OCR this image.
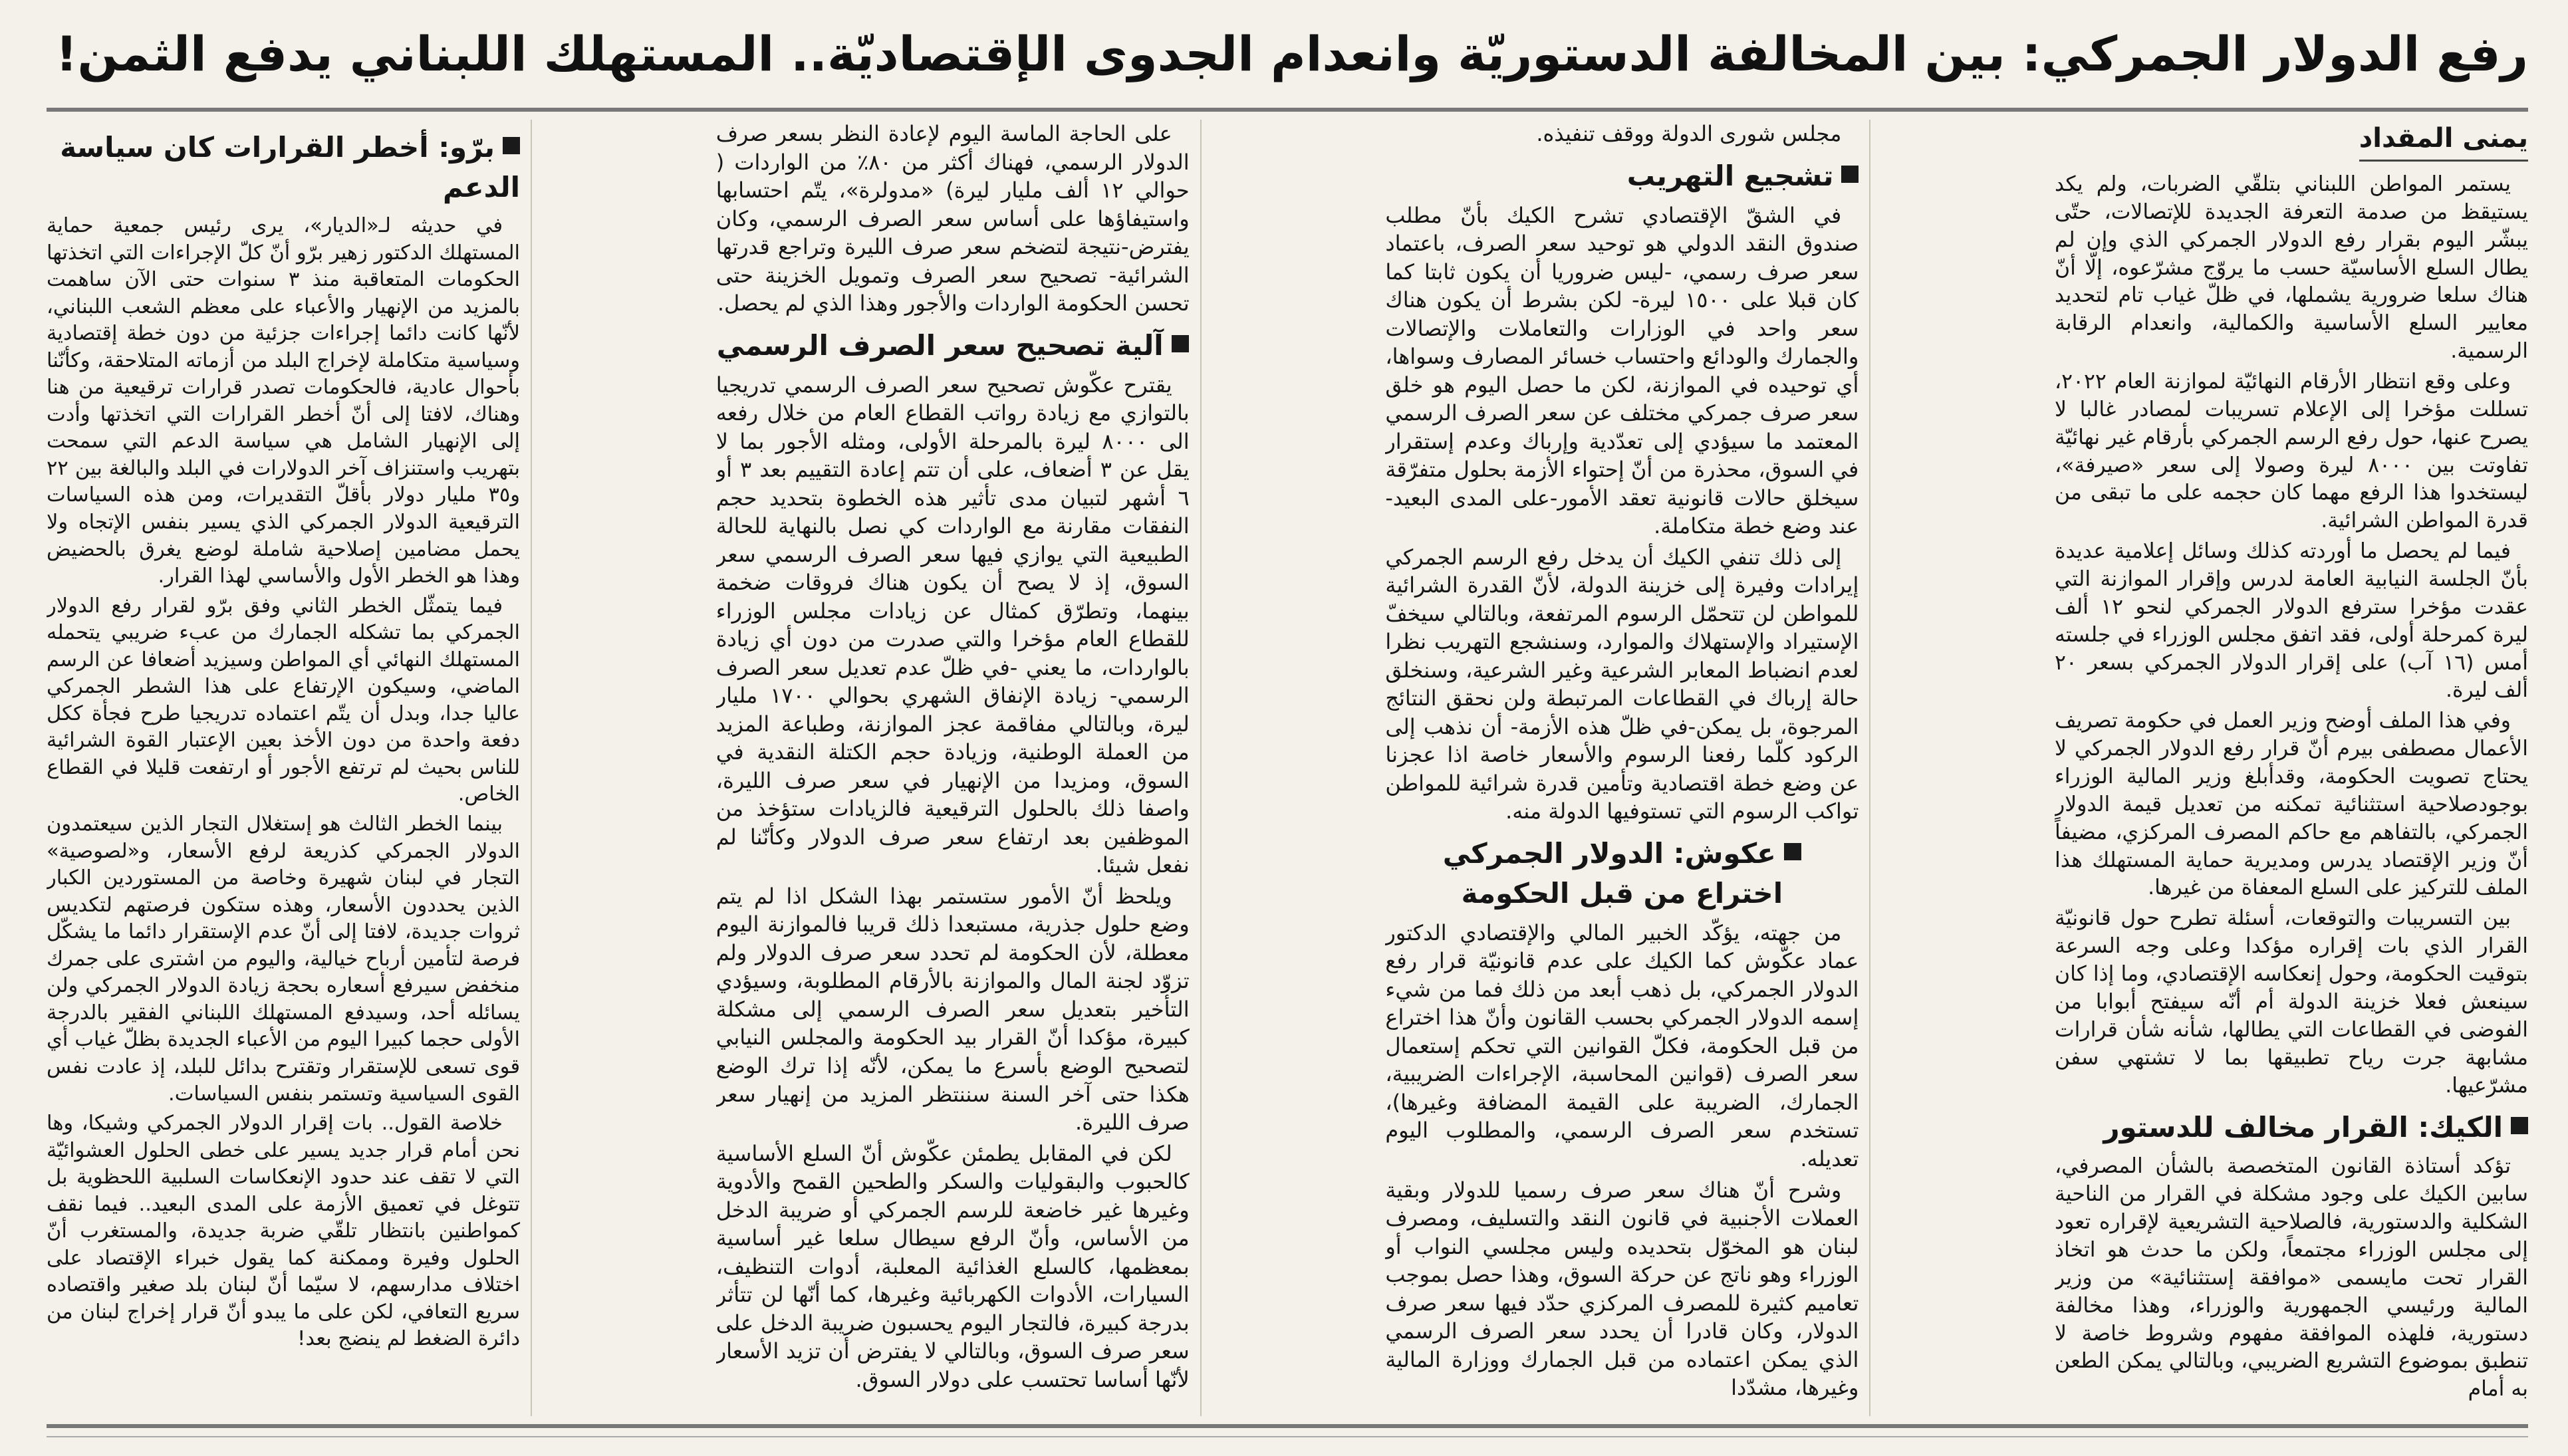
رفع الدولار الجمركي: بين المخالفة الدستوريّة وانعدام الجدوى الإقتصاديّة.. المستهلك اللبناني يدفع الثمن!
يمنى المقداد

يستمر المواطن اللبناني بتلقّي الضربات، ولم يكد يستيقظ من صدمة التعرفة الجديدة للإتصالات، حتّى يبشّر اليوم بقرار رفع الدولار الجمركي الذي وإن لم يطال السلع الأساسيّة حسب ما يروّج مشرّعوه، إلّا أنّ هناك سلعا ضرورية يشملها، في ظلّ غياب تام لتحديد معايير السلع الأساسية والكمالية، وانعدام الرقابة الرسمية.

وعلى وقع انتظار الأرقام النهائيّة لموازنة العام ٢٠٢٢، تسللت مؤخرا إلى الإعلام تسريبات لمصادر غالبا لا يصرح عنها، حول رفع الرسم الجمركي بأرقام غير نهائيّة تفاوتت بين ٨٠٠٠ ليرة وصولا إلى سعر «صيرفة»، ليستخدوا هذا الرفع مهما كان حجمه على ما تبقى من قدرة المواطن الشرائية.

فيما لم يحصل ما أوردته كذلك وسائل إعلامية عديدة بأنّ الجلسة النيابية العامة لدرس وإقرار الموازنة التي عقدت مؤخرا سترفع الدولار الجمركي لنحو ١٢ ألف ليرة كمرحلة أولى، فقد اتفق مجلس الوزراء في جلسته أمس (١٦ آب) على إقرار الدولار الجمركي بسعر ٢٠ ألف ليرة.

وفي هذا الملف أوضح وزير العمل في حكومة تصريف الأعمال مصطفى بيرم أنّ قرار رفع الدولار الجمركي لا يحتاج تصويت الحكومة، وقدأبلغ وزير المالية الوزراء بوجودصلاحية استثنائية تمكنه من تعديل قيمة الدولار الجمركي، بالتفاهم مع حاكم المصرف المركزي، مضيفاً أنّ وزير الإقتصاد يدرس ومديرية حماية المستهلك هذا الملف للتركيز على السلع المعفاة من غيرها.

بين التسريبات والتوقعات، أسئلة تطرح حول قانونيّة القرار الذي بات إقراره مؤكدا وعلى وجه السرعة بتوقيت الحكومة، وحول إنعكاسه الإقتصادي، وما إذا كان سينعش فعلا خزينة الدولة أم أنّه سيفتح أبوابا من الفوضى في القطاعات التي يطالها، شأنه شأن قرارات مشابهة جرت رياح تطبيقها بما لا تشتهي سفن مشرّعيها.

الكيك: القرار مخالف للدستور

تؤكد أستاذة القانون المتخصصة بالشأن المصرفي، سابين الكيك على وجود مشكلة في القرار من الناحية الشكلية والدستورية، فالصلاحية التشريعية لإقراره تعود إلى مجلس الوزراء مجتمعاً، ولكن ما حدث هو اتخاذ القرار تحت مايسمى «موافقة إستثنائية» من وزير المالية ورئيسي الجمهورية والوزراء، وهذا مخالفة دستورية، فلهذه الموافقة مفهوم وشروط خاصة لا تنطبق بموضوع التشريع الضريبي، وبالتالي يمكن الطعن به أمام

مجلس شورى الدولة ووقف تنفيذه.

تشجيع التهريب

في الشقّ الإقتصادي تشرح الكيك بأنّ مطلب صندوق النقد الدولي هو توحيد سعر الصرف، باعتماد سعر صرف رسمي، -ليس ضروريا أن يكون ثابتا كما كان قبلا على ١٥٠٠ ليرة- لكن بشرط أن يكون هناك سعر واحد في الوزارات والتعاملات والإتصالات والجمارك والودائع واحتساب خسائر المصارف وسواها، أي توحيده في الموازنة، لكن ما حصل اليوم هو خلق سعر صرف جمركي مختلف عن سعر الصرف الرسمي المعتمد ما سيؤدي إلى تعدّدية وإرباك وعدم إستقرار في السوق، محذرة من أنّ إحتواء الأزمة بحلول متفرّقة سيخلق حالات قانونية تعقد الأمور-على المدى البعيد- عند وضع خطة متكاملة.

إلى ذلك تنفي الكيك أن يدخل رفع الرسم الجمركي إيرادات وفيرة إلى خزينة الدولة، لأنّ القدرة الشرائية للمواطن لن تتحمّل الرسوم المرتفعة، وبالتالي سيخفّ الإستيراد والإستهلاك والموارد، وسنشجع التهريب نظرا لعدم انضباط المعابر الشرعية وغير الشرعية، وسنخلق حالة إرباك في القطاعات المرتبطة ولن نحقق النتائج المرجوة، بل يمكن-في ظلّ هذه الأزمة- أن نذهب إلى الركود كلّما رفعنا الرسوم والأسعار خاصة اذا عجزنا عن وضع خطة اقتصادية وتأمين قدرة شرائية للمواطن تواكب الرسوم التي تستوفيها الدولة منه.

عكوش: الدولار الجمركي
اختراع من قبل الحكومة

من جهته، يؤكّد الخبير المالي والإقتصادي الدكتور عماد عكّوش كما الكيك على عدم قانونيّة قرار رفع الدولار الجمركي، بل ذهب أبعد من ذلك فما من شيء إسمه الدولار الجمركي بحسب القانون وأنّ هذا اختراع من قبل الحكومة، فكلّ القوانين التي تحكم إستعمال سعر الصرف (قوانين المحاسبة، الإجراءات الضريبية، الجمارك، الضريبة على القيمة المضافة وغيرها)، تستخدم سعر الصرف الرسمي، والمطلوب اليوم تعديله.

وشرح أنّ هناك سعر صرف رسميا للدولار وبقية العملات الأجنبية في قانون النقد والتسليف، ومصرف لبنان هو المخوّل بتحديده وليس مجلسي النواب أو الوزراء وهو ناتج عن حركة السوق، وهذا حصل بموجب تعاميم كثيرة للمصرف المركزي حدّد فيها سعر صرف الدولار، وكان قادرا أن يحدد سعر الصرف الرسمي الذي يمكن اعتماده من قبل الجمارك ووزارة المالية وغيرها، مشدّدا

على الحاجة الماسة اليوم لإعادة النظر بسعر صرف الدولار الرسمي، فهناك أكثر من ٨٠٪ من الواردات ( حوالي ١٢ ألف مليار ليرة) «مدولرة»، يتّم احتسابها واستيفاؤها على أساس سعر الصرف الرسمي، وكان يفترض-نتيجة لتضخم سعر صرف الليرة وتراجع قدرتها الشرائية- تصحيح سعر الصرف وتمويل الخزينة حتى تحسن الحكومة الواردات والأجور وهذا الذي لم يحصل.

آلية تصحيح سعر الصرف الرسمي

يقترح عكّوش تصحيح سعر الصرف الرسمي تدريجيا بالتوازي مع زيادة رواتب القطاع العام من خلال رفعه الى ٨٠٠٠ ليرة بالمرحلة الأولى، ومثله الأجور بما لا يقل عن ٣ أضعاف، على أن تتم إعادة التقييم بعد ٣ أو ٦ أشهر لتبيان مدى تأثير هذه الخطوة بتحديد حجم النفقات مقارنة مع الواردات كي نصل بالنهاية للحالة الطبيعية التي يوازي فيها سعر الصرف الرسمي سعر السوق، إذ لا يصح أن يكون هناك فروقات ضخمة بينهما، وتطرّق كمثال عن زيادات مجلس الوزراء للقطاع العام مؤخرا والتي صدرت من دون أي زيادة بالواردات، ما يعني -في ظلّ عدم تعديل سعر الصرف الرسمي- زيادة الإنفاق الشهري بحوالي ١٧٠٠ مليار ليرة، وبالتالي مفاقمة عجز الموازنة، وطباعة المزيد من العملة الوطنية، وزيادة حجم الكتلة النقدية في السوق، ومزيدا من الإنهيار في سعر صرف الليرة، واصفا ذلك بالحلول الترقيعية فالزيادات ستؤخذ من الموظفين بعد ارتفاع سعر صرف الدولار وكأنّنا لم نفعل شيئا.

ويلحظ أنّ الأمور ستستمر بهذا الشكل اذا لم يتم وضع حلول جذرية، مستبعدا ذلك قريبا فالموازنة اليوم معطلة، لأن الحكومة لم تحدد سعر صرف الدولار ولم تزوّد لجنة المال والموازنة بالأرقام المطلوبة، وسيؤدي التأخير بتعديل سعر الصرف الرسمي إلى مشكلة كبيرة، مؤكدا أنّ القرار بيد الحكومة والمجلس النيابي لتصحيح الوضع بأسرع ما يمكن، لأنّه إذا ترك الوضع هكذا حتى آخر السنة سننتظر المزيد من إنهيار سعر صرف الليرة.

لكن في المقابل يطمئن عكّوش أنّ السلع الأساسية كالحبوب والبقوليات والسكر والطحين القمح والأدوية وغيرها غير خاضعة للرسم الجمركي أو ضريبة الدخل من الأساس، وأنّ الرفع سيطال سلعا غير أساسية بمعظمها، كالسلع الغذائية المعلبة، أدوات التنظيف، السيارات، الأدوات الكهربائية وغيرها، كما أنّها لن تتأثر بدرجة كبيرة، فالتجار اليوم يحسبون ضريبة الدخل على سعر صرف السوق، وبالتالي لا يفترض أن تزيد الأسعار لأنّها أساسا تحتسب على دولار السوق.

برّو: أخطر القرارات كان سياسة الدعم

في حديثه لـ«الديار»، يرى رئيس جمعية حماية المستهلك الدكتور زهير برّو أنّ كلّ الإجراءات التي اتخذتها الحكومات المتعاقبة منذ ٣ سنوات حتى الآن ساهمت بالمزيد من الإنهيار والأعباء على معظم الشعب اللبناني، لأنّها كانت دائما إجراءات جزئية من دون خطة إقتصادية وسياسية متكاملة لإخراج البلد من أزماته المتلاحقة، وكأنّنا بأحوال عادية، فالحكومات تصدر قرارات ترقيعية من هنا وهناك، لافتا إلى أنّ أخطر القرارات التي اتخذتها وأدت إلى الإنهيار الشامل هي سياسة الدعم التي سمحت بتهريب واستنزاف آخر الدولارات في البلد والبالغة بين ٢٢ و٣٥ مليار دولار بأقلّ التقديرات، ومن هذه السياسات الترقيعية الدولار الجمركي الذي يسير بنفس الإتجاه ولا يحمل مضامين إصلاحية شاملة لوضع يغرق بالحضيض وهذا هو الخطر الأول والأساسي لهذا القرار.

فيما يتمثّل الخطر الثاني وفق برّو لقرار رفع الدولار الجمركي بما تشكله الجمارك من عبء ضريبي يتحمله المستهلك النهائي أي المواطن وسيزيد أضعافا عن الرسم الماضي، وسيكون الإرتفاع على هذا الشطر الجمركي عاليا جدا، وبدل أن يتّم اعتماده تدريجيا طرح فجأة ككل دفعة واحدة من دون الأخذ بعين الإعتبار القوة الشرائية للناس بحيث لم ترتفع الأجور أو ارتفعت قليلا في القطاع الخاص.

بينما الخطر الثالث هو إستغلال التجار الذين سيعتمدون الدولار الجمركي كذريعة لرفع الأسعار، و«لصوصية» التجار في لبنان شهيرة وخاصة من المستوردين الكبار الذين يحددون الأسعار، وهذه ستكون فرصتهم لتكديس ثروات جديدة، لافتا إلى أنّ عدم الإستقرار دائما ما يشكّل فرصة لتأمين أرباح خيالية، واليوم من اشترى على جمرك منخفض سيرفع أسعاره بحجة زيادة الدولار الجمركي ولن يسائله أحد، وسيدفع المستهلك اللبناني الفقير بالدرجة الأولى حجما كبيرا اليوم من الأعباء الجديدة بظلّ غياب أي قوى تسعى للإستقرار وتقترح بدائل للبلد، إذ عادت نفس القوى السياسية وتستمر بنفس السياسات.

خلاصة القول.. بات إقرار الدولار الجمركي وشيكا، وها نحن أمام قرار جديد يسير على خطى الحلول العشوائيّة التي لا تقف عند حدود الإنعكاسات السلبية اللحظوية بل تتوغل في تعميق الأزمة على المدى البعيد.. فيما نقف كمواطنين بانتظار تلقّي ضربة جديدة، والمستغرب أنّ الحلول وفيرة وممكنة كما يقول خبراء الإقتصاد على اختلاف مدارسهم، لا سيّما أنّ لبنان بلد صغير واقتصاده سريع التعافي، لكن على ما يبدو أنّ قرار إخراج لبنان من دائرة الضغط لم ينضج بعد!
